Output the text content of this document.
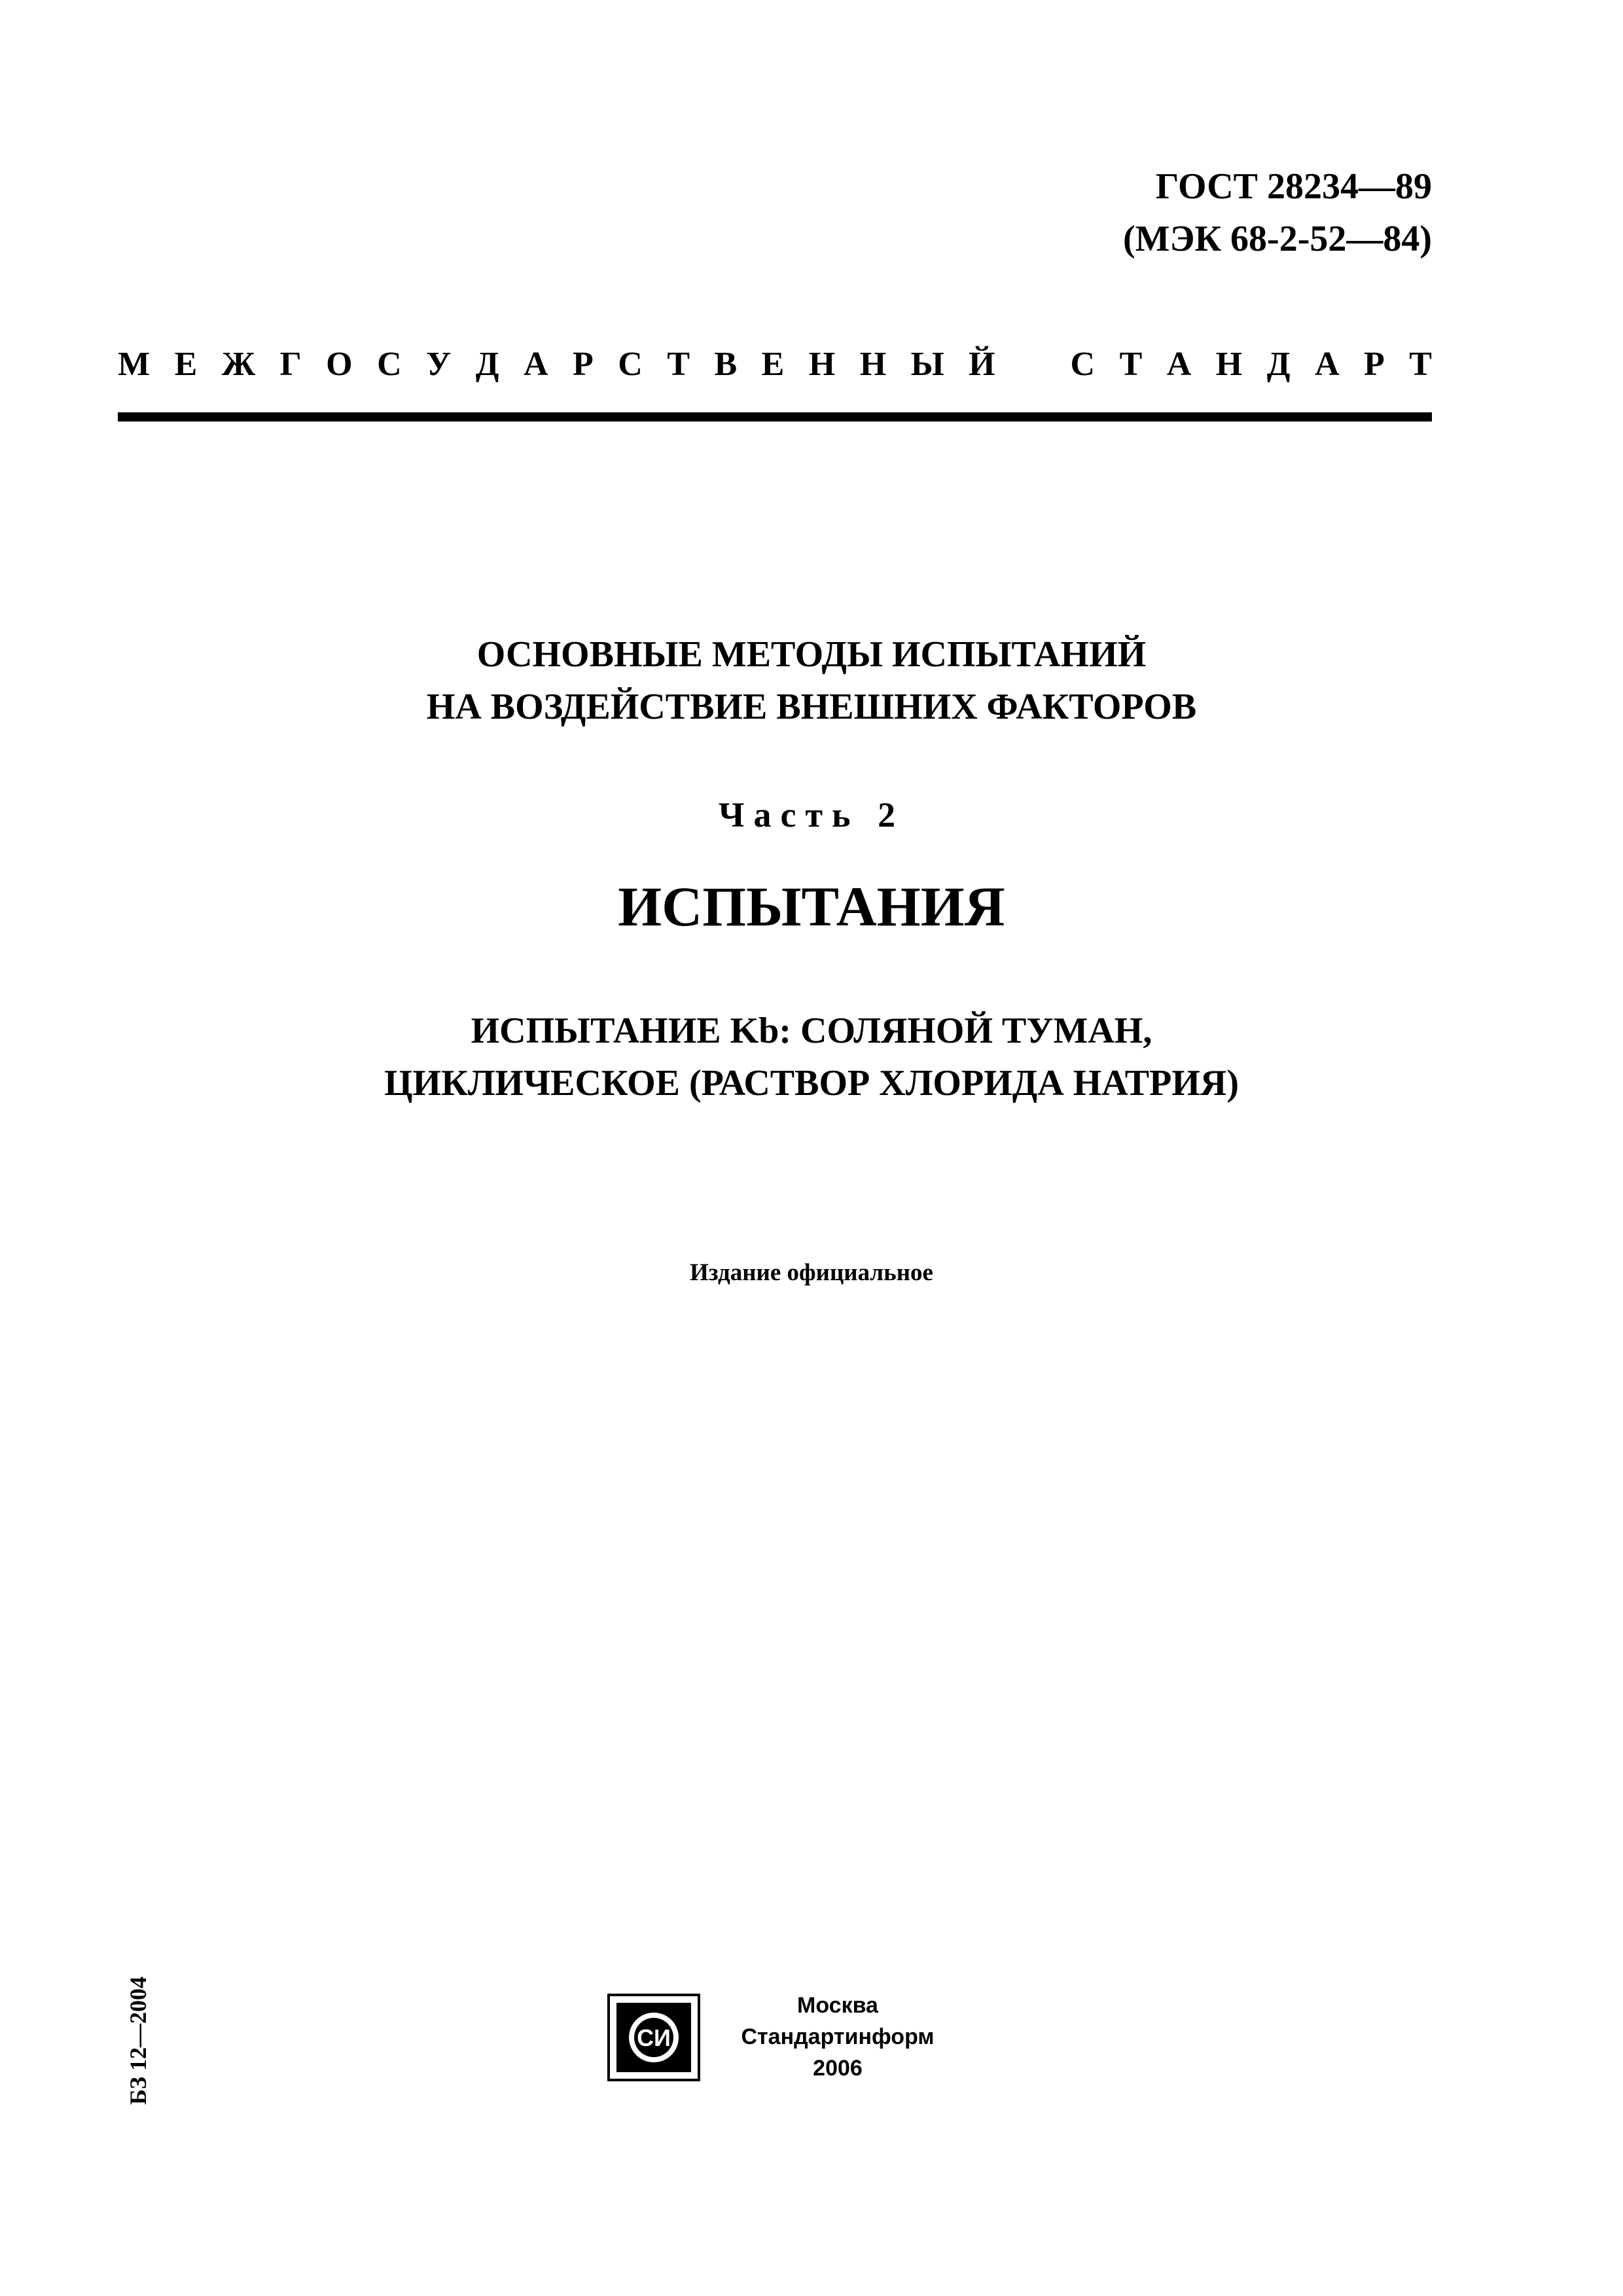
ГОСТ 28234—89
(МЭК 68-2-52—84)
М Е Ж Г О С У Д А Р С Т В Е Н Н Ы Й С Т А Н Д А Р Т
ОСНОВНЫЕ МЕТОДЫ ИСПЫТАНИЙ
НА ВОЗДЕЙСТВИЕ ВНЕШНИХ ФАКТОРОВ
Часть 2
ИСПЫТАНИЯ
ИСПЫТАНИЕ Kb: СОЛЯНОЙ ТУМАН,
ЦИКЛИЧЕСКОЕ (РАСТВОР ХЛОРИДА НАТРИЯ)
Издание официальное
БЗ 12—2004	СИ
Москва
Стандартинформ
2006
